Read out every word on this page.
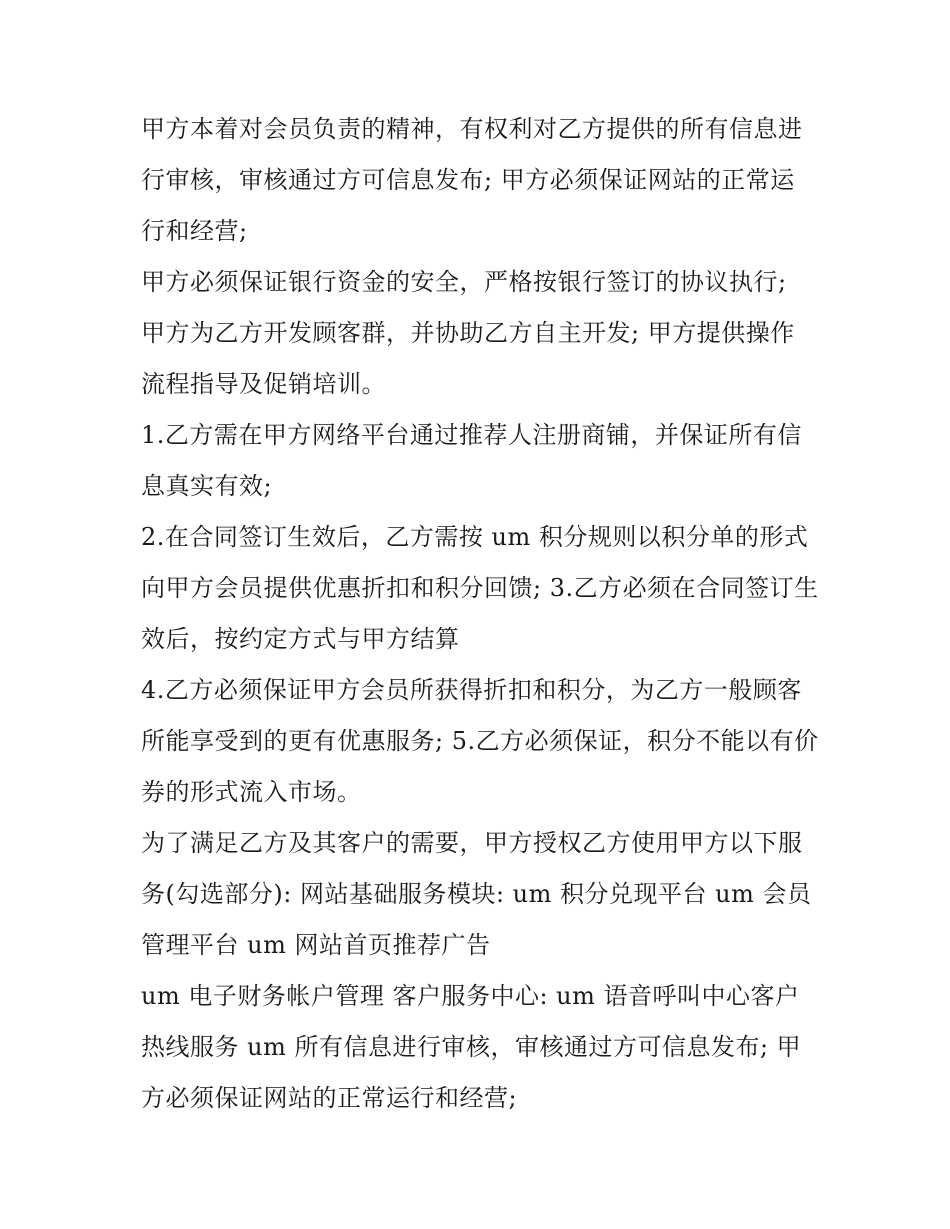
甲方本着对会员负责的精神，有权利对乙方提供的所有信息进行审核，审核通过方可信息发布; 甲方必须保证网站的正常运行和经营;

甲方必须保证银行资金的安全，严格按银行签订的协议执行;

甲方为乙方开发顾客群，并协助乙方自主开发; 甲方提供操作流程指导及促销培训。

1.乙方需在甲方网络平台通过推荐人注册商铺，并保证所有信息真实有效;

2.在合同签订生效后，乙方需按 um 积分规则以积分单的形式向甲方会员提供优惠折扣和积分回馈; 3.乙方必须在合同签订生效后，按约定方式与甲方结算

4.乙方必须保证甲方会员所获得折扣和积分，为乙方一般顾客所能享受到的更有优惠服务; 5.乙方必须保证，积分不能以有价券的形式流入市场。

为了满足乙方及其客户的需要，甲方授权乙方使用甲方以下服务(勾选部分): 网站基础服务模块: um 积分兑现平台 um 会员管理平台 um 网站首页推荐广告

um 电子财务帐户管理 客户服务中心: um 语音呼叫中心客户热线服务 um 所有信息进行审核，审核通过方可信息发布; 甲方必须保证网站的正常运行和经营;
